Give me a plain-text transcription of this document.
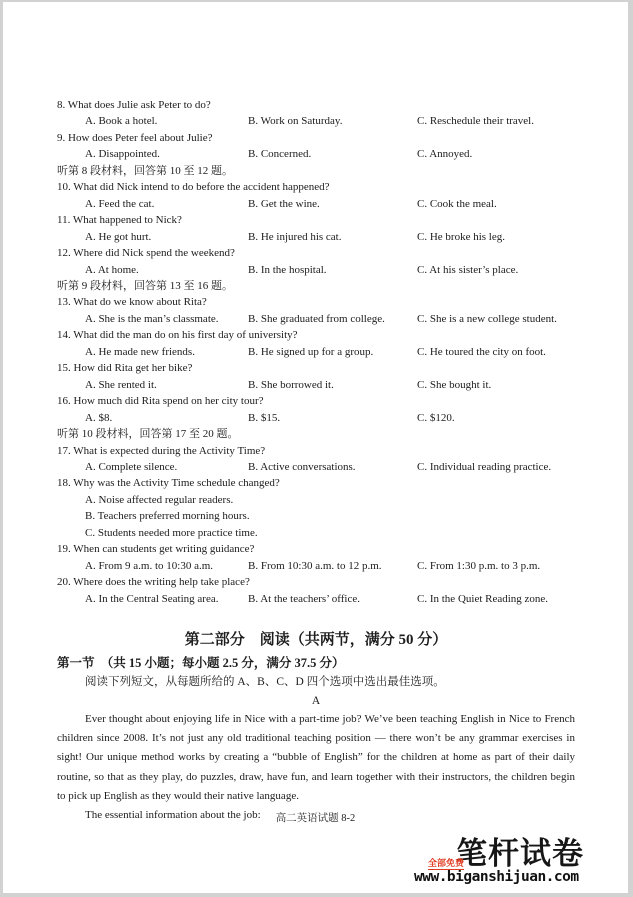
8. What does Julie ask Peter to do?
A. Book a hotel.	B. Work on Saturday.	C. Reschedule their travel.
9. How does Peter feel about Julie?
A. Disappointed.	B. Concerned.	C. Annoyed.
听第 8 段材料，回答第 10 至 12 题。
10. What did Nick intend to do before the accident happened?
A. Feed the cat.	B. Get the wine.	C. Cook the meal.
11. What happened to Nick?
A. He got hurt.	B. He injured his cat.	C. He broke his leg.
12. Where did Nick spend the weekend?
A. At home.	B. In the hospital.	C. At his sister’s place.
听第 9 段材料，回答第 13 至 16 题。
13. What do we know about Rita?
A. She is the man’s classmate.	B. She graduated from college.	C. She is a new college student.
14. What did the man do on his first day of university?
A. He made new friends.	B. He signed up for a group.	C. He toured the city on foot.
15. How did Rita get her bike?
A. She rented it.	B. She borrowed it.	C. She bought it.
16. How much did Rita spend on her city tour?
A. $8.	B. $15.	C. $120.
听第 10 段材料，回答第 17 至 20 题。
17. What is expected during the Activity Time?
A. Complete silence.	B. Active conversations.	C. Individual reading practice.
18. Why was the Activity Time schedule changed?
A. Noise affected regular readers.
B. Teachers preferred morning hours.
C. Students needed more practice time.
19. When can students get writing guidance?
A. From 9 a.m. to 10:30 a.m.	B. From 10:30 a.m. to 12 p.m.	C. From 1:30 p.m. to 3 p.m.
20. Where does the writing help take place?
A. In the Central Seating area.	B. At the teachers’ office.	C. In the Quiet Reading zone.
第二部分　阅读（共两节，满分 50 分）
第一节　（共 15 小题；每小题 2.5 分，满分 37.5 分）
阅读下列短文，从每题所给的 A、B、C、D 四个选项中选出最佳选项。
A
Ever thought about enjoying life in Nice with a part-time job? We’ve been teaching English in Nice to French children since 2008. It’s not just any old traditional teaching position — there won’t be any grammar exercises in sight! Our unique method works by creating a “bubble of English” for the children at home as part of their daily routine, so that as they play, do puzzles, draw, have fun, and learn together with their instructors, the children begin to pick up English as they would their native language.
The essential information about the job:	高二英语试题 8-2
全部免费
笔杆试卷
www.biganshijuan.com
